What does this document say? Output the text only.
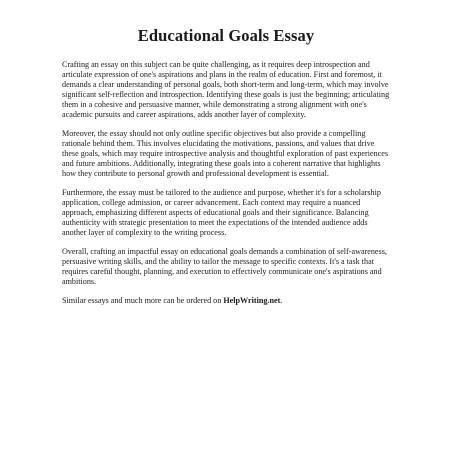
Educational Goals Essay

Crafting an essay on this subject can be quite challenging, as it requires deep introspection and articulate expression of one's aspirations and plans in the realm of education. First and foremost, it demands a clear understanding of personal goals, both short-term and long-term, which may involve significant self-reflection and introspection. Identifying these goals is just the beginning; articulating them in a cohesive and persuasive manner, while demonstrating a strong alignment with one's academic pursuits and career aspirations, adds another layer of complexity.

Moreover, the essay should not only outline specific objectives but also provide a compelling rationale behind them. This involves elucidating the motivations, passions, and values that drive these goals, which may require introspective analysis and thoughtful exploration of past experiences and future ambitions. Additionally, integrating these goals into a coherent narrative that highlights how they contribute to personal growth and professional development is essential.

Furthermore, the essay must be tailored to the audience and purpose, whether it's for a scholarship application, college admission, or career advancement. Each context may require a nuanced approach, emphasizing different aspects of educational goals and their significance. Balancing authenticity with strategic presentation to meet the expectations of the intended audience adds another layer of complexity to the writing process.

Overall, crafting an impactful essay on educational goals demands a combination of self-awareness, persuasive writing skills, and the ability to tailor the message to specific contexts. It's a task that requires careful thought, planning, and execution to effectively communicate one's aspirations and ambitions.

Similar essays and much more can be ordered on HelpWriting.net.
